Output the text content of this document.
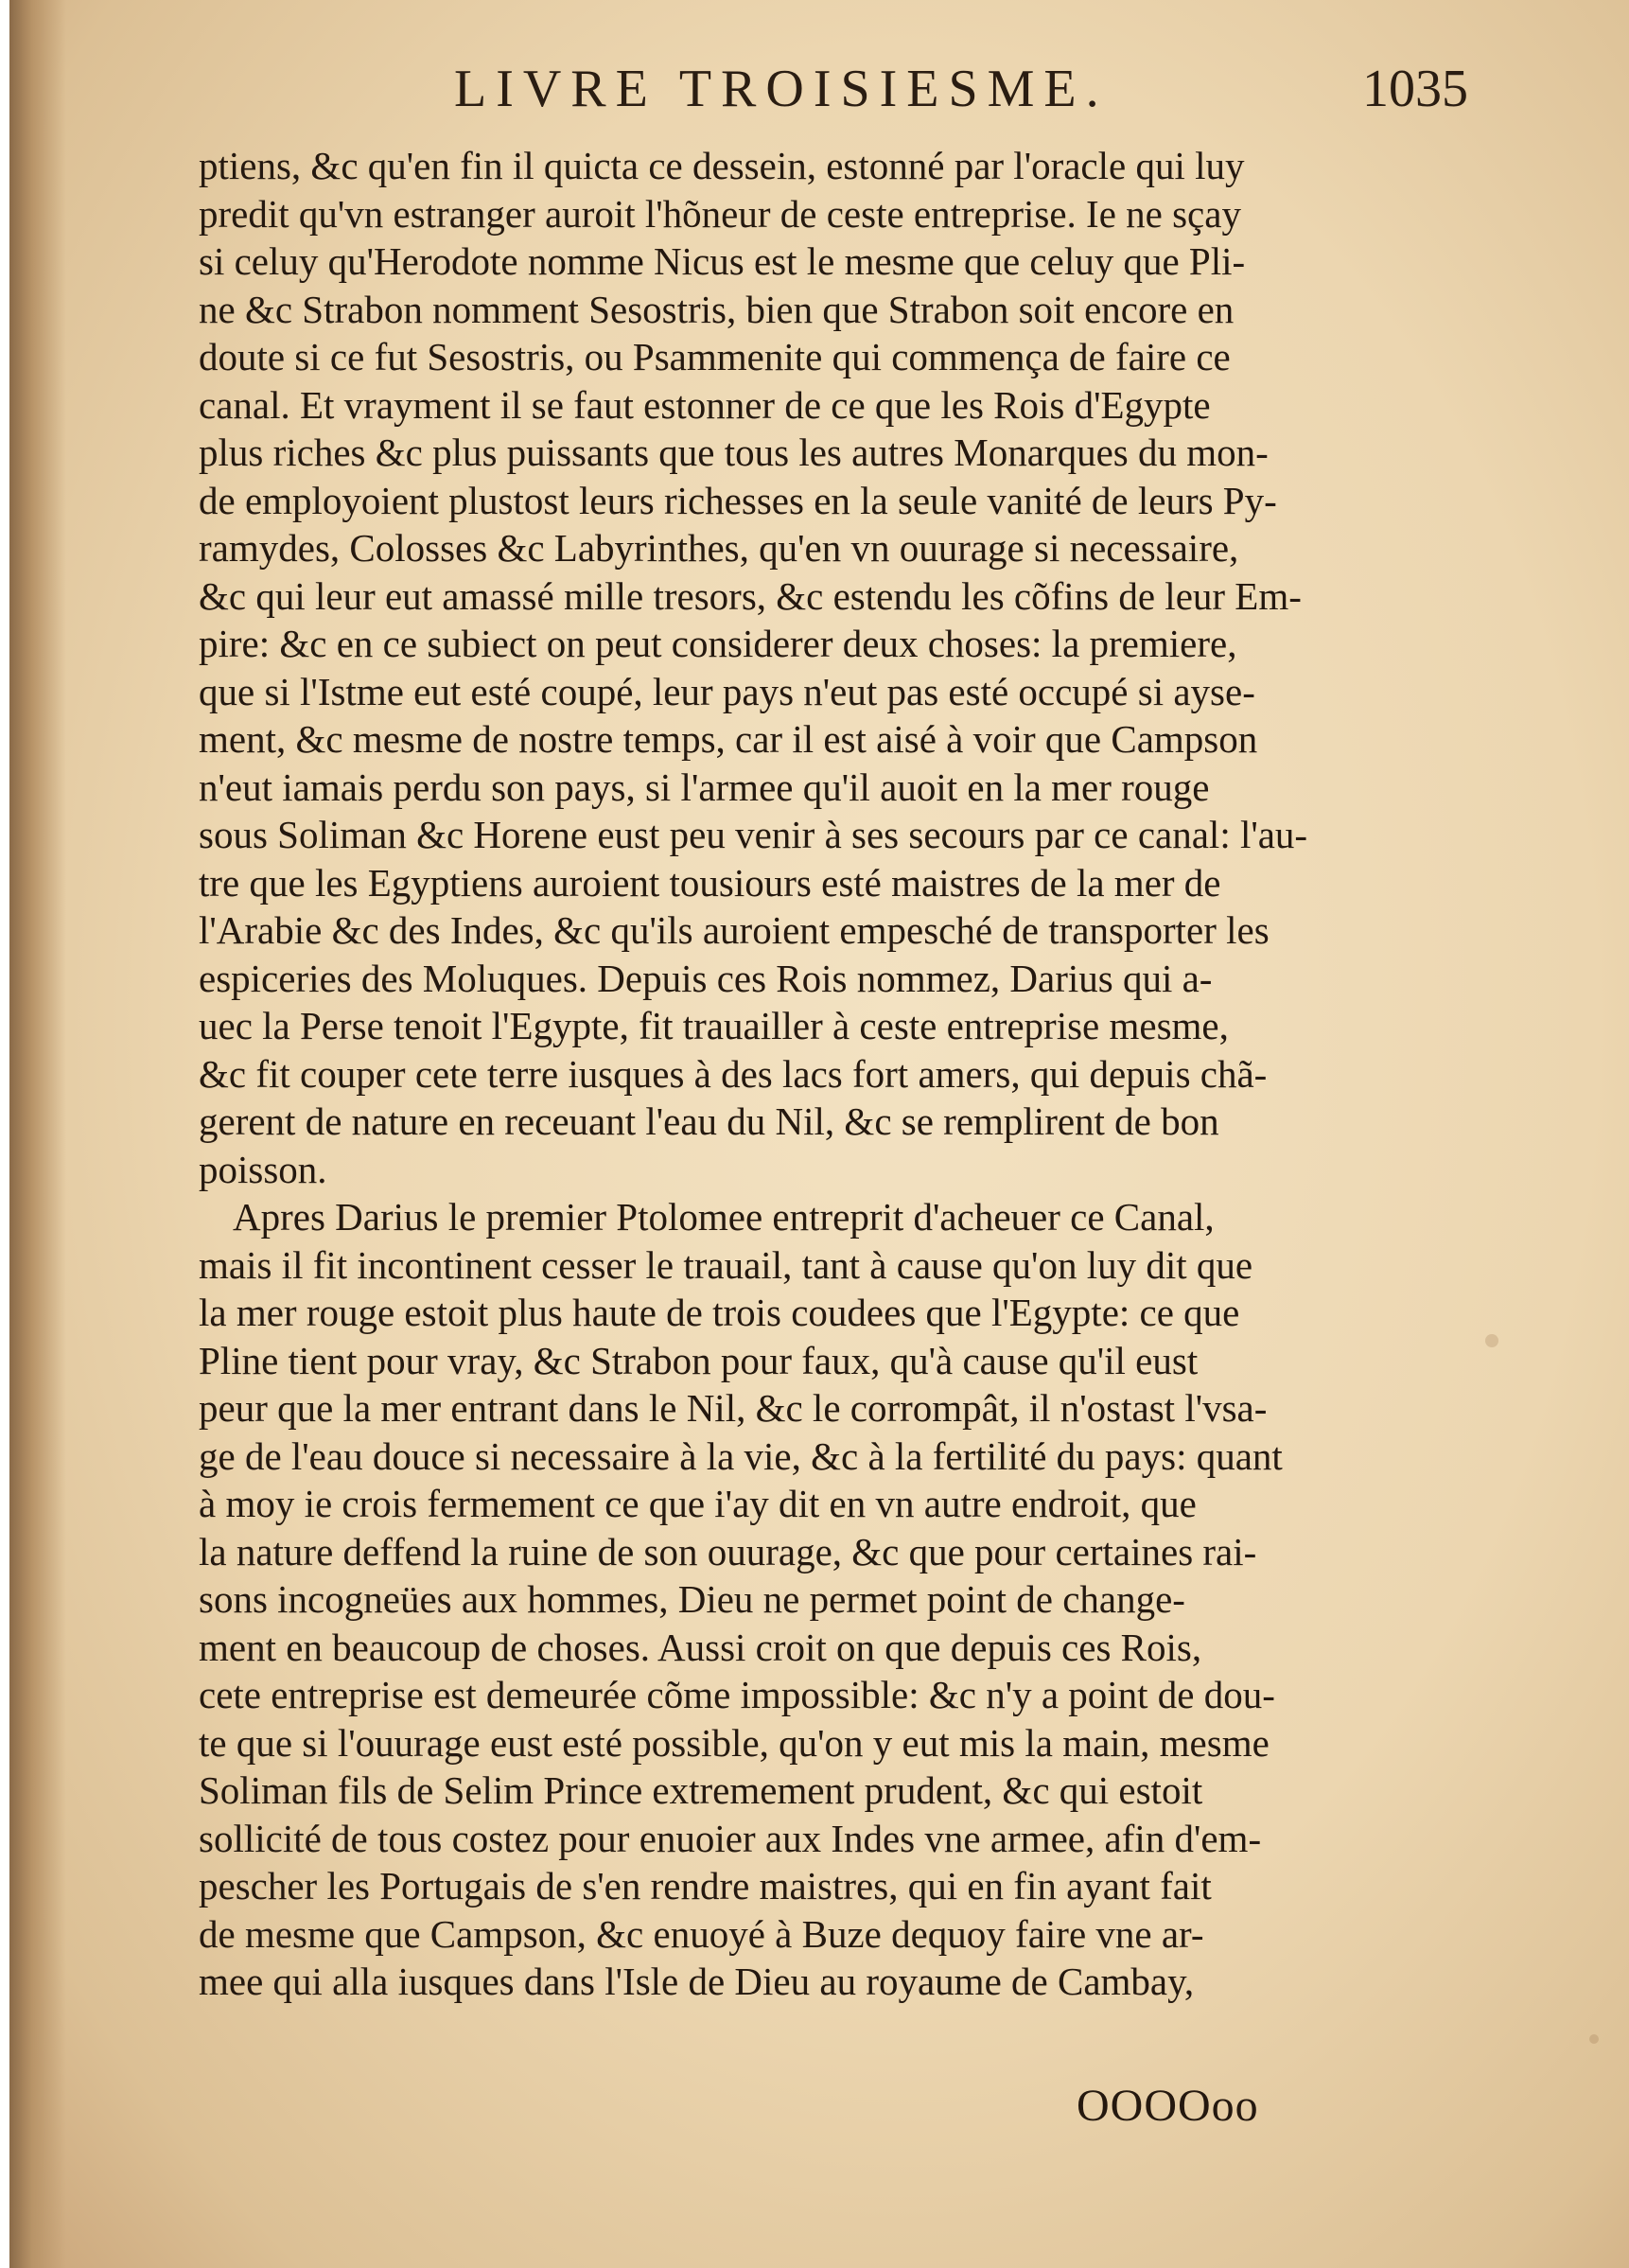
LIVRE TROISIESME.	1035
ptiens, &c qu'en fin il quicta ce dessein, estonné par l'oracle qui luy
predit qu'vn estranger auroit l'hõneur de ceste entreprise. Ie ne sçay
si celuy qu'Herodote nomme Nicus est le mesme que celuy que Pli-
ne &c Strabon nomment Sesostris, bien que Strabon soit encore en
doute si ce fut Sesostris, ou Psammenite qui commença de faire ce
canal. Et vrayment il se faut estonner de ce que les Rois d'Egypte
plus riches &c plus puissants que tous les autres Monarques du mon-
de employoient plustost leurs richesses en la seule vanité de leurs Py-
ramydes, Colosses &c Labyrinthes, qu'en vn ouurage si necessaire,
&c qui leur eut amassé mille tresors, &c estendu les cõfins de leur Em-
pire: &c en ce subiect on peut considerer deux choses: la premiere,
que si l'Istme eut esté coupé, leur pays n'eut pas esté occupé si ayse-
ment, &c mesme de nostre temps, car il est aisé à voir que Campson
n'eut iamais perdu son pays, si l'armee qu'il auoit en la mer rouge
sous Soliman &c Horene eust peu venir à ses secours par ce canal: l'au-
tre que les Egyptiens auroient tousiours esté maistres de la mer de
l'Arabie &c des Indes, &c qu'ils auroient empesché de transporter les
espiceries des Moluques. Depuis ces Rois nommez, Darius qui a-
uec la Perse tenoit l'Egypte, fit trauailler à ceste entreprise mesme,
&c fit couper cete terre iusques à des lacs fort amers, qui depuis chã-
gerent de nature en receuant l'eau du Nil, &c se remplirent de bon
poisson.
Apres Darius le premier Ptolomee entreprit d'acheuer ce Canal,
mais il fit incontinent cesser le trauail, tant à cause qu'on luy dit que
la mer rouge estoit plus haute de trois coudees que l'Egypte: ce que
Pline tient pour vray, &c Strabon pour faux, qu'à cause qu'il eust
peur que la mer entrant dans le Nil, &c le corrompât, il n'ostast l'vsa-
ge de l'eau douce si necessaire à la vie, &c à la fertilité du pays: quant
à moy ie crois fermement ce que i'ay dit en vn autre endroit, que
la nature deffend la ruine de son ouurage, &c que pour certaines rai-
sons incogneües aux hommes, Dieu ne permet point de change-
ment en beaucoup de choses. Aussi croit on que depuis ces Rois,
cete entreprise est demeurée cõme impossible: &c n'y a point de dou-
te que si l'ouurage eust esté possible, qu'on y eut mis la main, mesme
Soliman fils de Selim Prince extremement prudent, &c qui estoit
sollicité de tous costez pour enuoier aux Indes vne armee, afin d'em-
pescher les Portugais de s'en rendre maistres, qui en fin ayant fait
de mesme que Campson, &c enuoyé à Buze dequoy faire vne ar-
mee qui alla iusques dans l'Isle de Dieu au royaume de Cambay,
OOOOoo
